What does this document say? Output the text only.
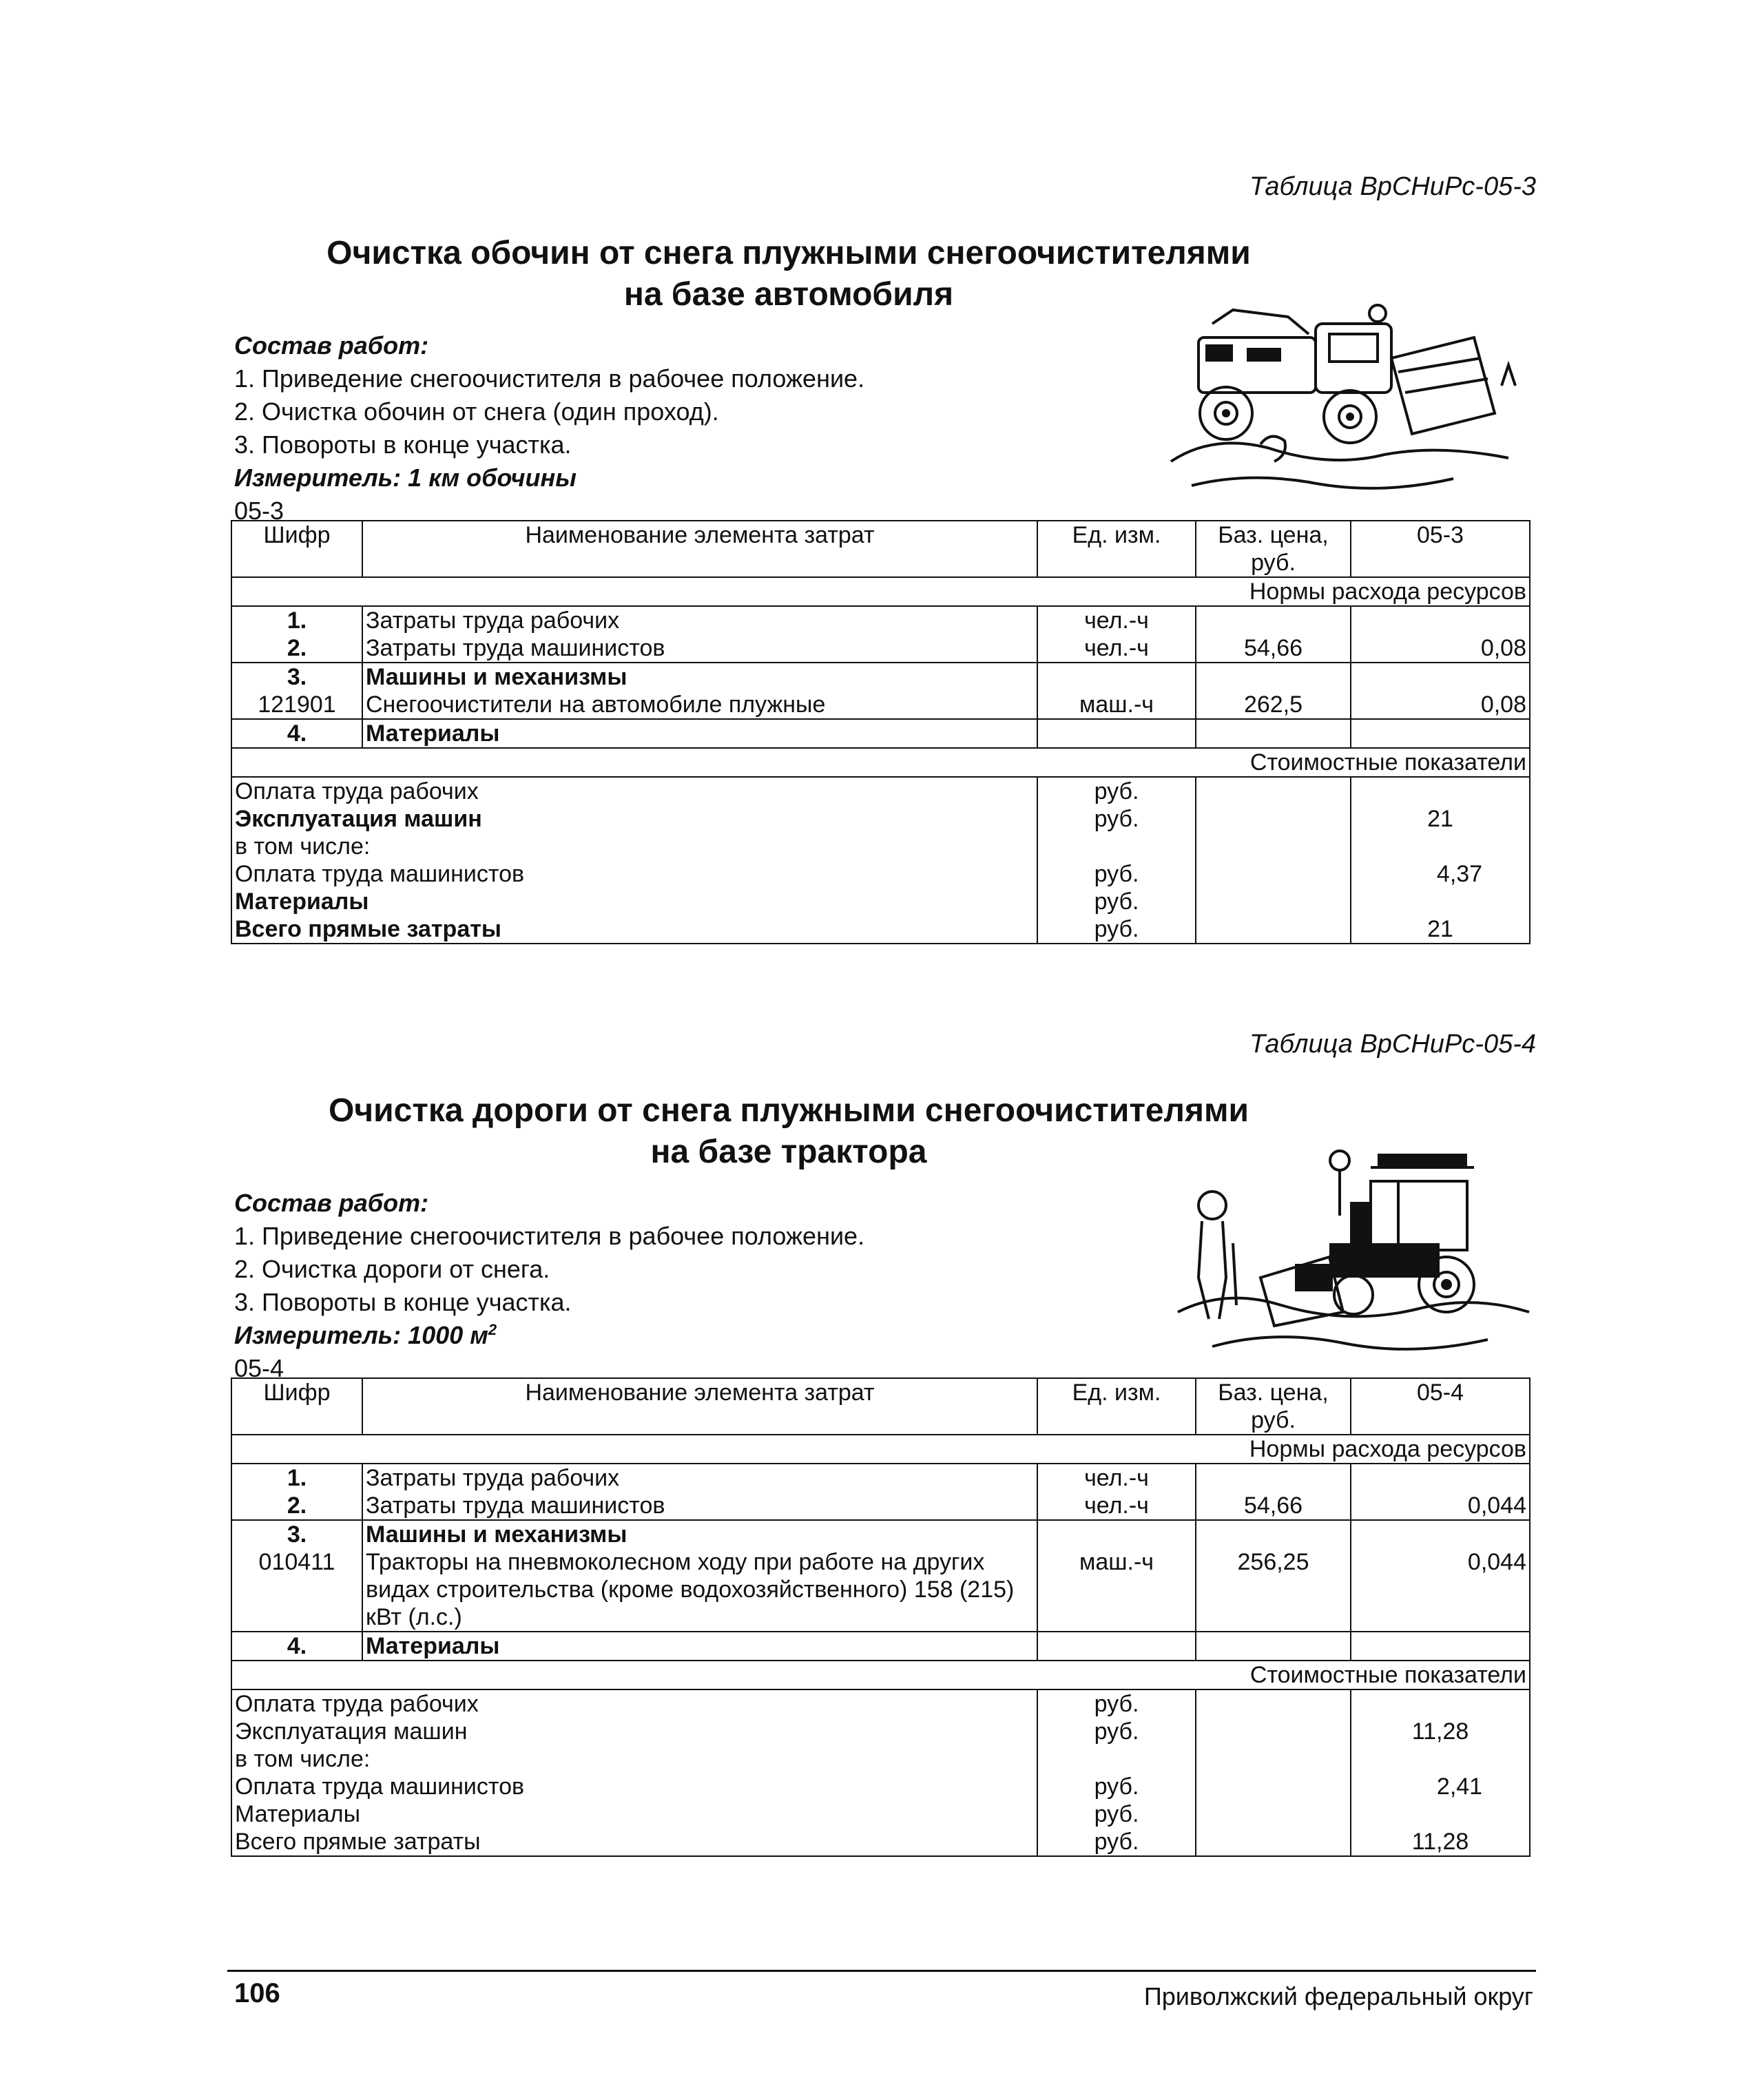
Таблица ВрСНиРс-05-3
Очистка обочин от снега плужными снегоочистителями
на базе автомобиля
Состав работ:
1. Приведение снегоочистителя в рабочее положение.
2. Очистка обочин от снега (один проход).
3. Повороты в конце участка.
Измеритель: 1 км обочины
05-3
Шифр	Наименование элемента затрат	Ед. изм.	Баз. цена, руб.	05-3
Нормы расхода ресурсов				
1.	Затраты труда рабочих	чел.-ч		
2.	Затраты труда машинистов	чел.-ч	54,66	0,08
3.	Машины и механизмы			
121901	Снегоочистители на автомобиле плужные	маш.-ч	262,5	0,08
4.	Материалы			
Стоимостные показатели				
Оплата труда рабочих		руб.		
Эксплуатация машин		руб.		21
в том числе:				
Оплата труда машинистов		руб.		4,37
Материалы		руб.		
Всего прямые затраты		руб.		21
Таблица ВрСНиРс-05-4
Очистка дороги от снега плужными снегоочистителями
на базе трактора
Состав работ:
1. Приведение снегоочистителя в рабочее положение.
2. Очистка дороги от снега.
3. Повороты в конце участка.
Измеритель: 1000 $м^2$
05-4
Шифр	Наименование элемента затрат	Ед. изм.	Баз. цена, руб.	05-4
Нормы расхода ресурсов				
1.	Затраты труда рабочих	чел.-ч		
2.	Затраты труда машинистов	чел.-ч	54,66	0,044
3.	Машины и механизмы			
010411	Тракторы на пневмоколесном ходу при работе на других видах строительства (кроме водохозяйственного) 158 (215) кВт (л.с.)	маш.-ч	256,25	0,044
4.	Материалы			
Стоимостные показатели				
Оплата труда рабочих		руб.		
Эксплуатация машин		руб.		11,28
в том числе:				
Оплата труда машинистов		руб.		2,41
Материалы		руб.		
Всего прямые затраты		руб.		11,28
106	Приволжский федеральный округ
